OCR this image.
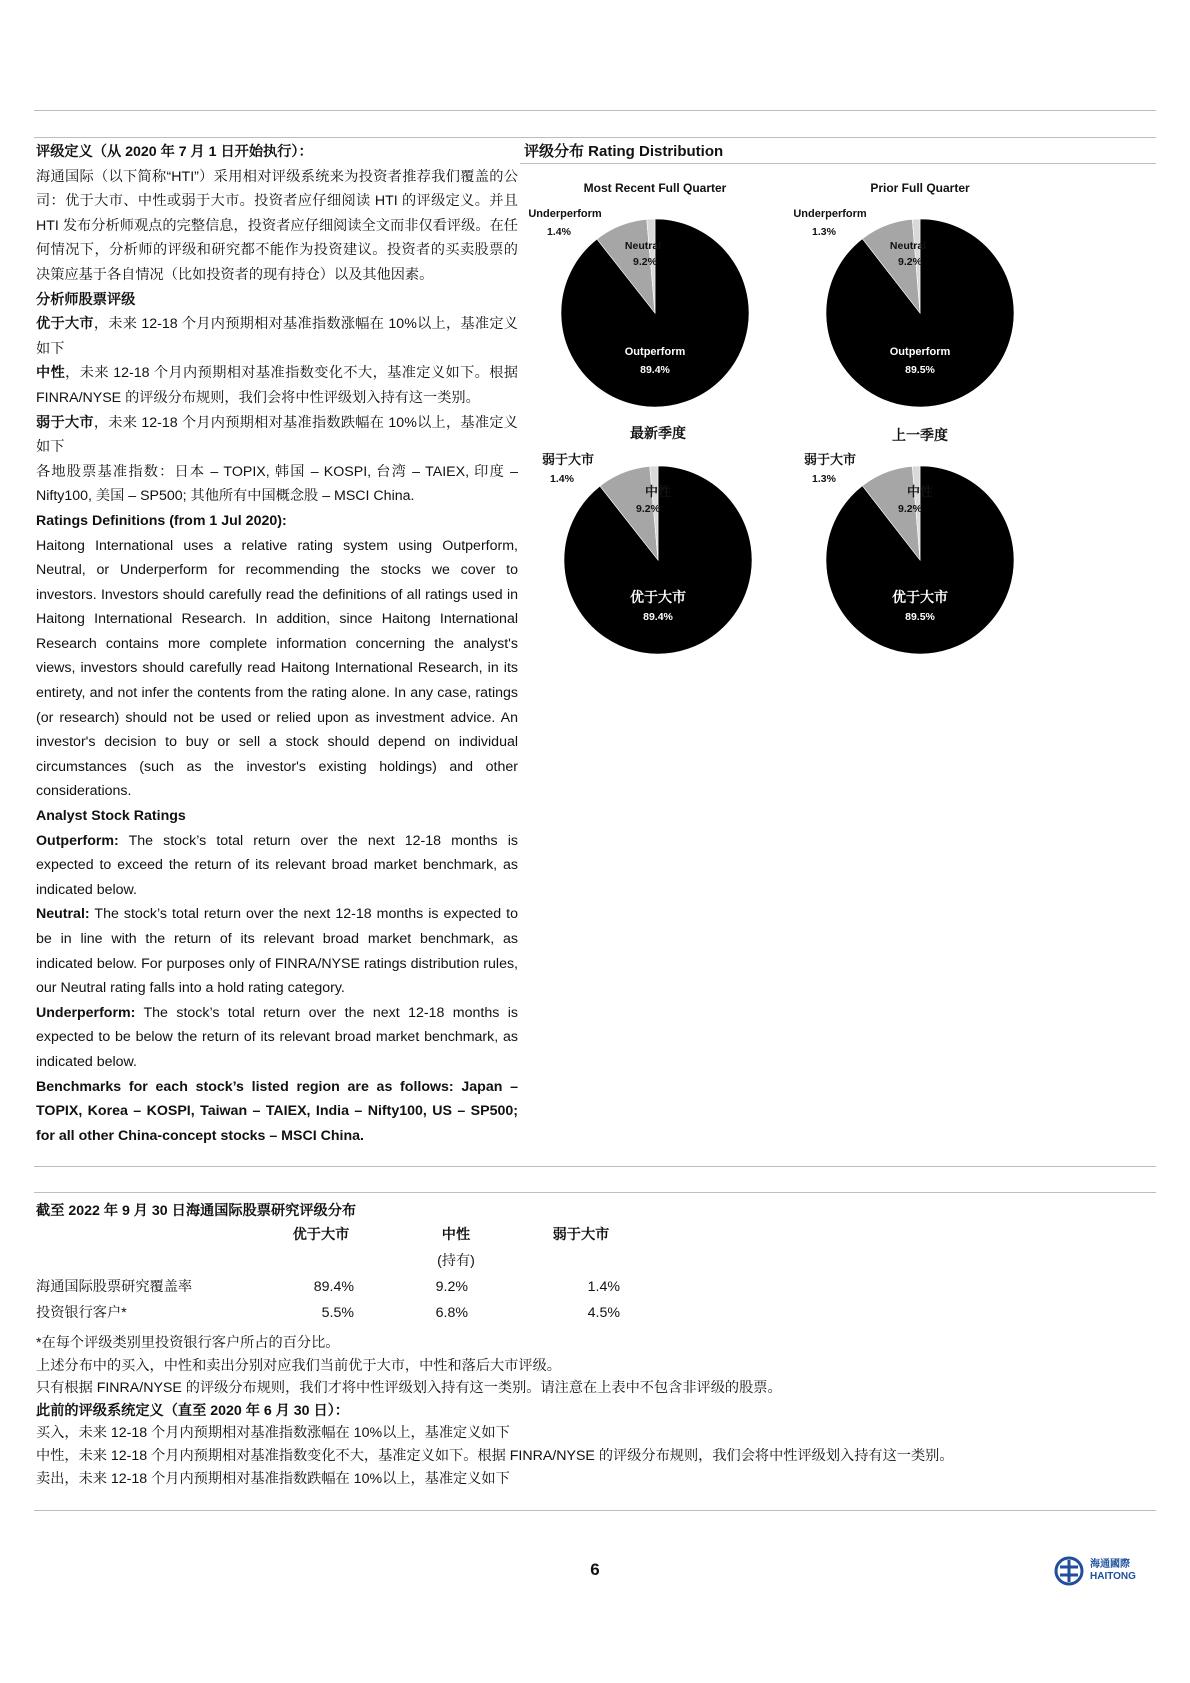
评级定义（从 2020 年 7 月 1 日开始执行）：

海通国际（以下简称“HTI”）采用相对评级系统来为投资者推荐我们覆盖的公司：优于大市、中性或弱于大市。投资者应仔细阅读 HTI 的评级定义。并且 HTI 发布分析师观点的完整信息，投资者应仔细阅读全文而非仅看评级。在任何情况下，分析师的评级和研究都不能作为投资建议。投资者的买卖股票的决策应基于各自情况（比如投资者的现有持仓）以及其他因素。

分析师股票评级

优于大市，未来 12-18 个月内预期相对基准指数涨幅在 10%以上，基准定义如下

中性，未来 12-18 个月内预期相对基准指数变化不大，基准定义如下。根据 FINRA/NYSE 的评级分布规则，我们会将中性评级划入持有这一类别。

弱于大市，未来 12-18 个月内预期相对基准指数跌幅在 10%以上，基准定义如下

各地股票基准指数：日本 – TOPIX, 韩国 – KOSPI, 台湾 – TAIEX, 印度 – Nifty100, 美国 – SP500; 其他所有中国概念股 – MSCI China.

Ratings Definitions (from 1 Jul 2020):

Haitong International uses a relative rating system using Outperform, Neutral, or Underperform for recommending the stocks we cover to investors. Investors should carefully read the definitions of all ratings used in Haitong International Research. In addition, since Haitong International Research contains more complete information concerning the analyst's views, investors should carefully read Haitong International Research, in its entirety, and not infer the contents from the rating alone. In any case, ratings (or research) should not be used or relied upon as investment advice. An investor's decision to buy or sell a stock should depend on individual circumstances (such as the investor's existing holdings) and other considerations.

Analyst Stock Ratings

Outperform: The stock’s total return over the next 12-18 months is expected to exceed the return of its relevant broad market benchmark, as indicated below.

Neutral: The stock’s total return over the next 12-18 months is expected to be in line with the return of its relevant broad market benchmark, as indicated below. For purposes only of FINRA/NYSE ratings distribution rules, our Neutral rating falls into a hold rating category.

Underperform: The stock’s total return over the next 12-18 months is expected to be below the return of its relevant broad market benchmark, as indicated below.

Benchmarks for each stock’s listed region are as follows: Japan – TOPIX, Korea – KOSPI, Taiwan – TAIEX, India – Nifty100, US – SP500; for all other China-concept stocks – MSCI China.

评级分布 Rating Distribution
Most Recent Full Quarter
Outperform
89.4%
Neutral
9.2%
Underperform
1.4%
Prior Full Quarter
Outperform
89.5%
Neutral
9.2%
Underperform
1.3%
最新季度
优于大市
89.4%
中性
9.2%
弱于大市
1.4%
上一季度
优于大市
89.5%
中性
9.2%
弱于大市
1.3%

截至 2022 年 9 月 30 日海通国际股票研究评级分布

	优于大市	中性	弱于大市
		(持有)	
海通国际股票研究覆盖率	89.4%	9.2%	1.4%
投资银行客户*	5.5%	6.8%	4.5%

*在每个评级类别里投资银行客户所占的百分比。

上述分布中的买入，中性和卖出分别对应我们当前优于大市，中性和落后大市评级。

只有根据 FINRA/NYSE 的评级分布规则，我们才将中性评级划入持有这一类别。请注意在上表中不包含非评级的股票。

此前的评级系统定义（直至 2020 年 6 月 30 日）：

买入，未来 12-18 个月内预期相对基准指数涨幅在 10%以上，基准定义如下

中性，未来 12-18 个月内预期相对基准指数变化不大，基准定义如下。根据 FINRA/NYSE 的评级分布规则，我们会将中性评级划入持有这一类别。

卖出，未来 12-18 个月内预期相对基准指数跌幅在 10%以上，基准定义如下

6	海通國際
HAITONG
